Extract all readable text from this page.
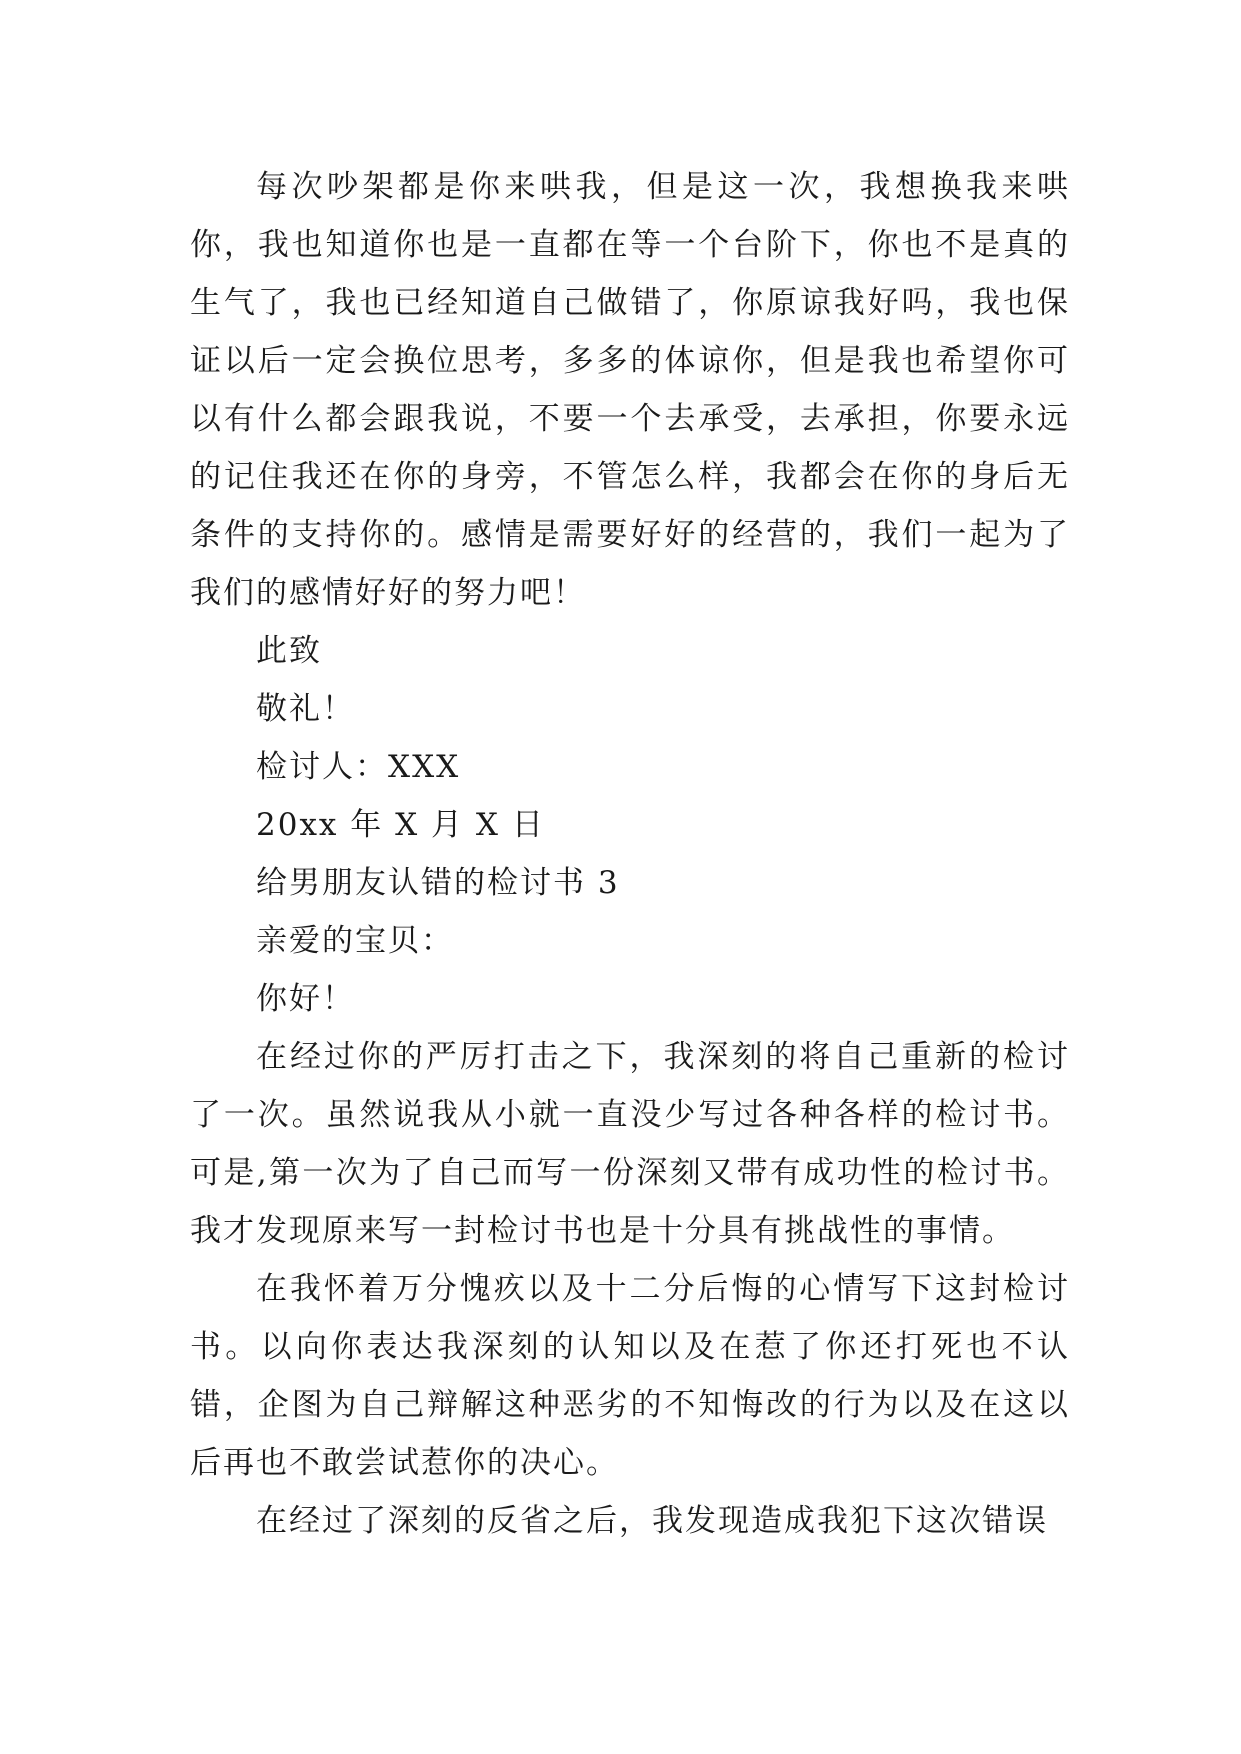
每次吵架都是你来哄我，但是这一次，我想换我来哄你，我也知道你也是一直都在等一个台阶下，你也不是真的生气了，我也已经知道自己做错了，你原谅我好吗，我也保证以后一定会换位思考，多多的体谅你，但是我也希望你可以有什么都会跟我说，不要一个去承受，去承担，你要永远的记住我还在你的身旁，不管怎么样，我都会在你的身后无条件的支持你的。感情是需要好好的经营的，我们一起为了我们的感情好好的努力吧！

此致

敬礼！

检讨人：XXX

20xx 年 X 月 X 日

给男朋友认错的检讨书 3

亲爱的宝贝：

你好！

在经过你的严厉打击之下，我深刻的将自己重新的检讨了一次。虽然说我从小就一直没少写过各种各样的检讨书。可是,第一次为了自己而写一份深刻又带有成功性的检讨书。我才发现原来写一封检讨书也是十分具有挑战性的事情。

在我怀着万分愧疚以及十二分后悔的心情写下这封检讨书。以向你表达我深刻的认知以及在惹了你还打死也不认错，企图为自己辩解这种恶劣的不知悔改的行为以及在这以后再也不敢尝试惹你的决心。

在经过了深刻的反省之后，我发现造成我犯下这次错误
